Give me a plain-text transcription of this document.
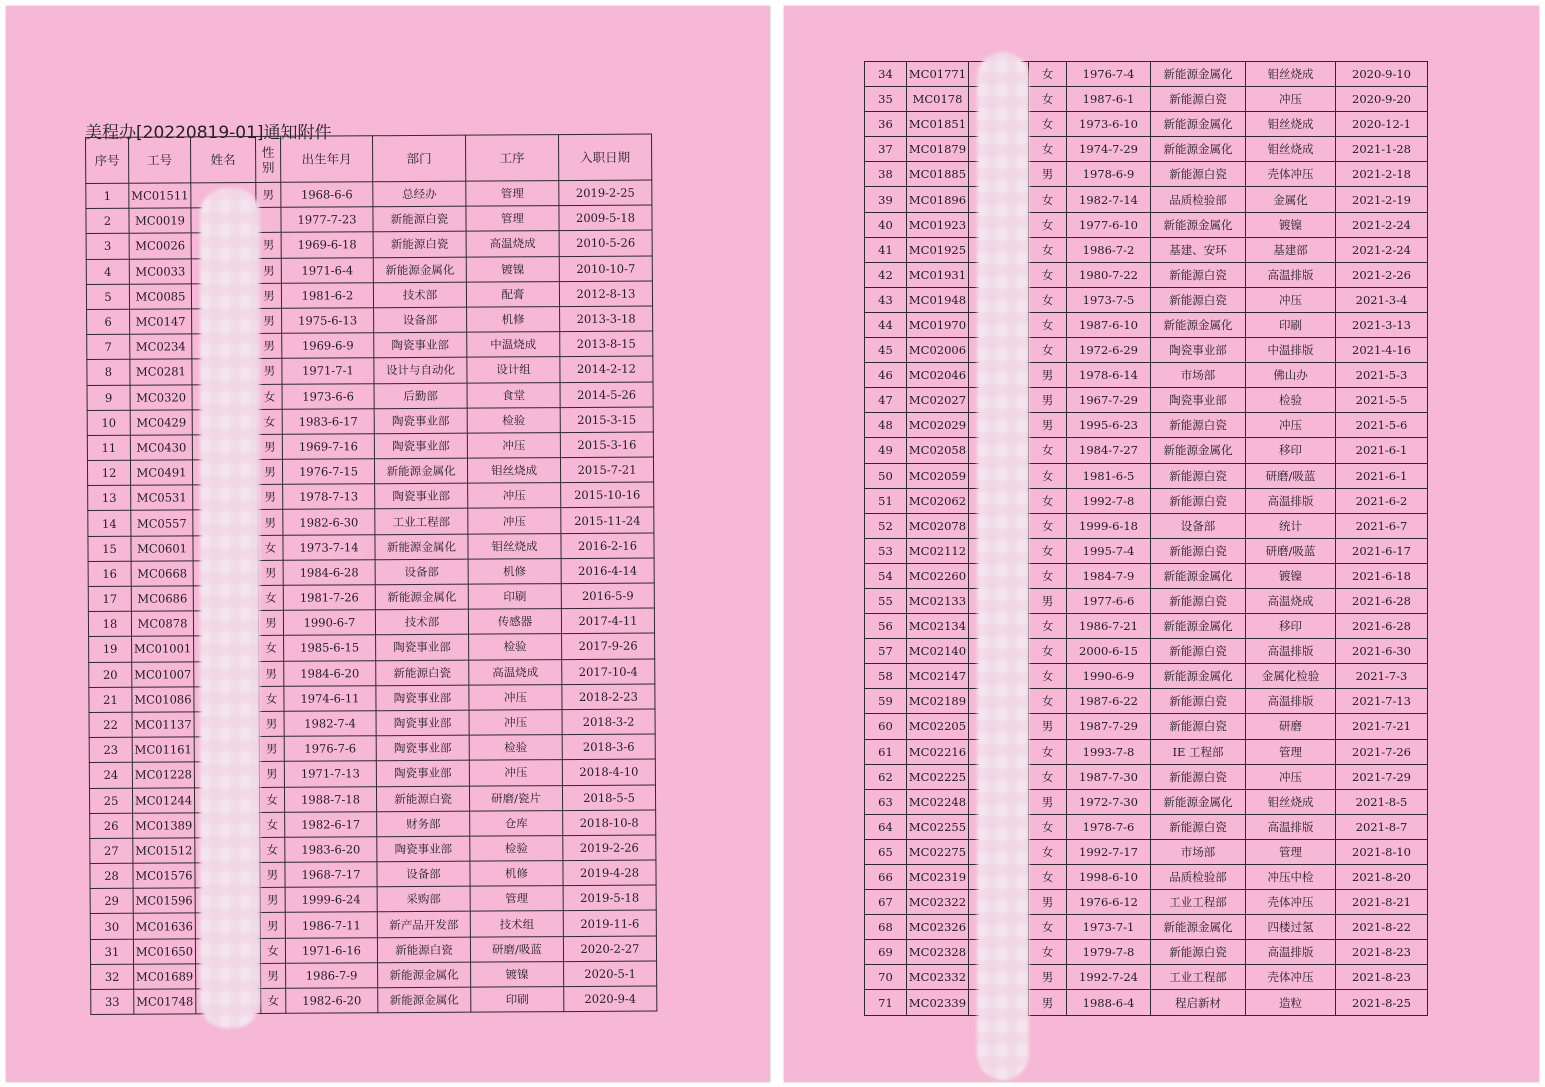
美程办[20220819-01]通知附件
序号	工号	姓名	性别	出生年月	部门	工序	入职日期
1	MC01511		男	1968-6-6	总经办	管理	2019-2-25
2	MC0019			1977-7-23	新能源白瓷	管理	2009-5-18
3	MC0026		男	1969-6-18	新能源白瓷	高温烧成	2010-5-26
4	MC0033		男	1971-6-4	新能源金属化	镀镍	2010-10-7
5	MC0085		男	1981-6-2	技术部	配膏	2012-8-13
6	MC0147		男	1975-6-13	设备部	机修	2013-3-18
7	MC0234		男	1969-6-9	陶瓷事业部	中温烧成	2013-8-15
8	MC0281		男	1971-7-1	设计与自动化	设计组	2014-2-12
9	MC0320		女	1973-6-6	后勤部	食堂	2014-5-26
10	MC0429		女	1983-6-17	陶瓷事业部	检验	2015-3-15
11	MC0430		男	1969-7-16	陶瓷事业部	冲压	2015-3-16
12	MC0491		男	1976-7-15	新能源金属化	钼丝烧成	2015-7-21
13	MC0531		男	1978-7-13	陶瓷事业部	冲压	2015-10-16
14	MC0557		男	1982-6-30	工业工程部	冲压	2015-11-24
15	MC0601		女	1973-7-14	新能源金属化	钼丝烧成	2016-2-16
16	MC0668		男	1984-6-28	设备部	机修	2016-4-14
17	MC0686		女	1981-7-26	新能源金属化	印刷	2016-5-9
18	MC0878		男	1990-6-7	技术部	传感器	2017-4-11
19	MC01001		女	1985-6-15	陶瓷事业部	检验	2017-9-26
20	MC01007		男	1984-6-20	新能源白瓷	高温烧成	2017-10-4
21	MC01086		女	1974-6-11	陶瓷事业部	冲压	2018-2-23
22	MC01137		男	1982-7-4	陶瓷事业部	冲压	2018-3-2
23	MC01161		男	1976-7-6	陶瓷事业部	检验	2018-3-6
24	MC01228		男	1971-7-13	陶瓷事业部	冲压	2018-4-10
25	MC01244		女	1988-7-18	新能源白瓷	研磨/瓷片	2018-5-5
26	MC01389		女	1982-6-17	财务部	仓库	2018-10-8
27	MC01512		女	1983-6-20	陶瓷事业部	检验	2019-2-26
28	MC01576		男	1968-7-17	设备部	机修	2019-4-28
29	MC01596		男	1999-6-24	采购部	管理	2019-5-18
30	MC01636		男	1986-7-11	新产品开发部	技术组	2019-11-6
31	MC01650		女	1971-6-16	新能源白瓷	研磨/吸蓝	2020-2-27
32	MC01689		男	1986-7-9	新能源金属化	镀镍	2020-5-1
33	MC01748		女	1982-6-20	新能源金属化	印刷	2020-9-4
34	MC01771		女	1976-7-4	新能源金属化	钼丝烧成	2020-9-10
35	MC0178		女	1987-6-1	新能源白瓷	冲压	2020-9-20
36	MC01851		女	1973-6-10	新能源金属化	钼丝烧成	2020-12-1
37	MC01879		女	1974-7-29	新能源金属化	钼丝烧成	2021-1-28
38	MC01885		男	1978-6-9	新能源白瓷	壳体冲压	2021-2-18
39	MC01896		女	1982-7-14	品质检验部	金属化	2021-2-19
40	MC01923		女	1977-6-10	新能源金属化	镀镍	2021-2-24
41	MC01925		女	1986-7-2	基建、安环	基建部	2021-2-24
42	MC01931		女	1980-7-22	新能源白瓷	高温排版	2021-2-26
43	MC01948		女	1973-7-5	新能源白瓷	冲压	2021-3-4
44	MC01970		女	1987-6-10	新能源金属化	印刷	2021-3-13
45	MC02006		女	1972-6-29	陶瓷事业部	中温排版	2021-4-16
46	MC02046		男	1978-6-14	市场部	佛山办	2021-5-3
47	MC02027		男	1967-7-29	陶瓷事业部	检验	2021-5-5
48	MC02029		男	1995-6-23	新能源白瓷	冲压	2021-5-6
49	MC02058		女	1984-7-27	新能源金属化	移印	2021-6-1
50	MC02059		女	1981-6-5	新能源白瓷	研磨/吸蓝	2021-6-1
51	MC02062		女	1992-7-8	新能源白瓷	高温排版	2021-6-2
52	MC02078		女	1999-6-18	设备部	统计	2021-6-7
53	MC02112		女	1995-7-4	新能源白瓷	研磨/吸蓝	2021-6-17
54	MC02260		女	1984-7-9	新能源金属化	镀镍	2021-6-18
55	MC02133		男	1977-6-6	新能源白瓷	高温烧成	2021-6-28
56	MC02134		女	1986-7-21	新能源金属化	移印	2021-6-28
57	MC02140		女	2000-6-15	新能源白瓷	高温排版	2021-6-30
58	MC02147		女	1990-6-9	新能源金属化	金属化检验	2021-7-3
59	MC02189		女	1987-6-22	新能源白瓷	高温排版	2021-7-13
60	MC02205		男	1987-7-29	新能源白瓷	研磨	2021-7-21
61	MC02216		女	1993-7-8	IE 工程部	管理	2021-7-26
62	MC02225		女	1987-7-30	新能源白瓷	冲压	2021-7-29
63	MC02248		男	1972-7-30	新能源金属化	钼丝烧成	2021-8-5
64	MC02255		女	1978-7-6	新能源白瓷	高温排版	2021-8-7
65	MC02275		女	1992-7-17	市场部	管理	2021-8-10
66	MC02319		女	1998-6-10	品质检验部	冲压中检	2021-8-20
67	MC02322		男	1976-6-12	工业工程部	壳体冲压	2021-8-21
68	MC02326		女	1973-7-1	新能源金属化	四楼过氢	2021-8-22
69	MC02328		女	1979-7-8	新能源白瓷	高温排版	2021-8-23
70	MC02332		男	1992-7-24	工业工程部	壳体冲压	2021-8-23
71	MC02339		男	1988-6-4	程启新材	造粒	2021-8-25
